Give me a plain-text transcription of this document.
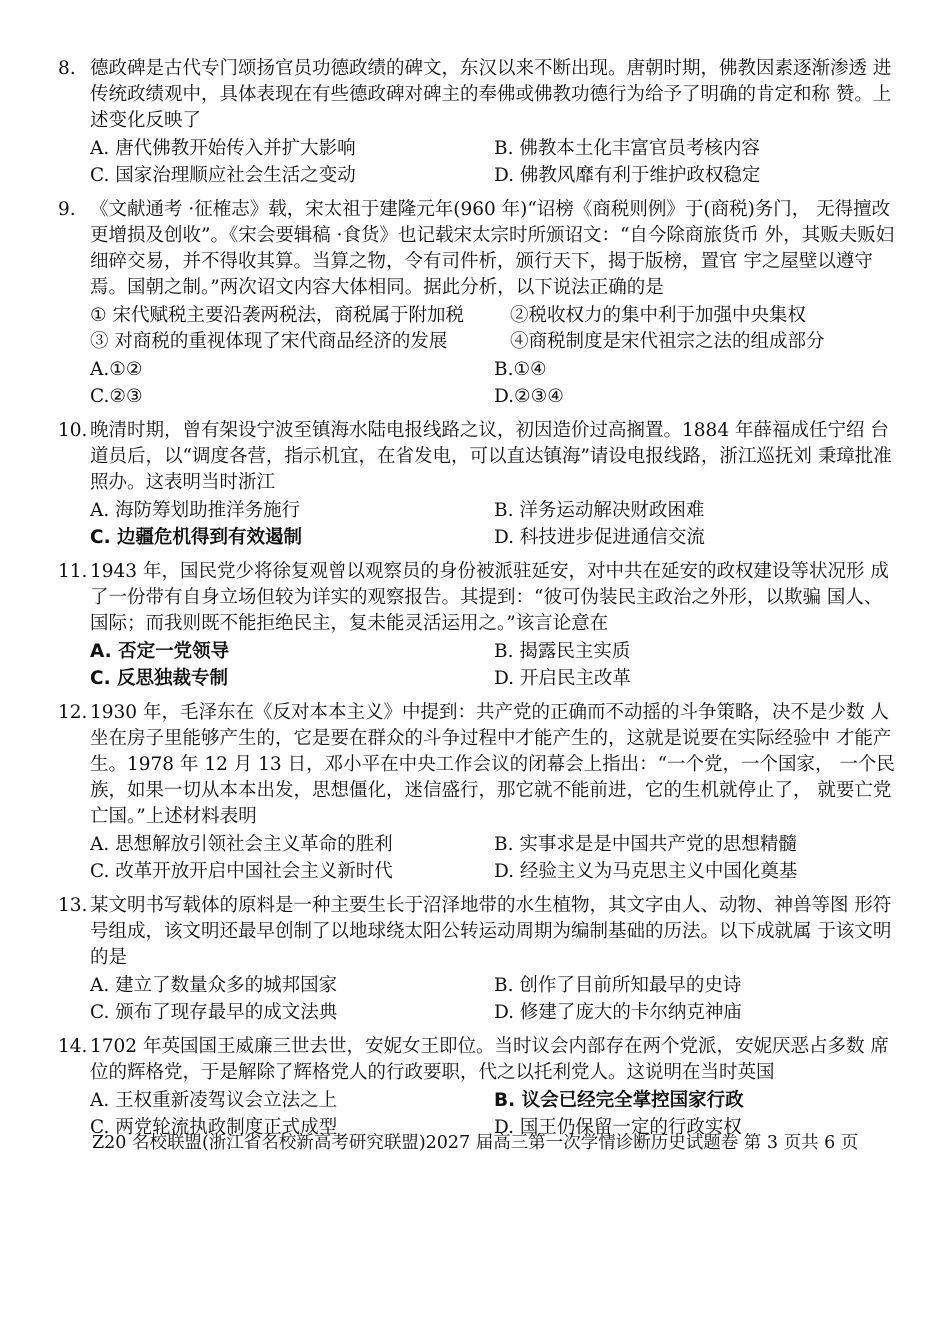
8. 德政碑是古代专门颂扬官员功德政绩的碑文，东汉以来不断出现。唐朝时期，佛教因素逐渐渗透 进传统政绩观中，具体表现在有些德政碑对碑主的奉佛或佛教功德行为给予了明确的肯定和称 赞。上述变化反映了
A. 唐代佛教开始传入并扩大影响	B. 佛教本土化丰富官员考核内容
C. 国家治理顺应社会生活之变动	D. 佛教风靡有利于维护政权稳定
9. 《文献通考 ·征榷志》载，宋太祖于建隆元年(960 年)“诏榜《商税则例》于(商税)务门， 无得擅改更增损及创收”。《宋会要辑稿 ·食货》也记载宋太宗时所颁诏文：“自今除商旅货币 外，其贩夫贩妇细碎交易，并不得收其算。当算之物，令有司件析，颁行天下，揭于版榜，置官 宇之屋壁以遵守焉。国朝之制。”两次诏文内容大体相同。据此分析，以下说法正确的是
① 宋代赋税主要沿袭两税法，商税属于附加税	②税收权力的集中利于加强中央集权
③ 对商税的重视体现了宋代商品经济的发展	④商税制度是宋代祖宗之法的组成部分
A.①②	B.①④
C.②③	D.②③④
10. 晚清时期，曾有架设宁波至镇海水陆电报线路之议，初因造价过高搁置。1884 年薛福成任宁绍 台道员后，以“调度各营，指示机宜，在省发电，可以直达镇海”请设电报线路，浙江巡抚刘 秉璋批准照办。这表明当时浙江
A. 海防筹划助推洋务施行	B. 洋务运动解决财政困难
C. 边疆危机得到有效遏制	D. 科技进步促进通信交流
11. 1943 年，国民党少将徐复观曾以观察员的身份被派驻延安，对中共在延安的政权建设等状况形 成了一份带有自身立场但较为详实的观察报告。其提到：“彼可伪装民主政治之外形，以欺骗 国人、国际；而我则既不能拒绝民主，复未能灵活运用之。”该言论意在
A. 否定一党领导	B. 揭露民主实质
C. 反思独裁专制	D. 开启民主改革
12. 1930 年，毛泽东在《反对本本主义》中提到：共产党的正确而不动摇的斗争策略，决不是少数 人坐在房子里能够产生的，它是要在群众的斗争过程中才能产生的，这就是说要在实际经验中 才能产生。1978 年 12 月 13 日，邓小平在中央工作会议的闭幕会上指出：“一个党，一个国家， 一个民族，如果一切从本本出发，思想僵化，迷信盛行，那它就不能前进，它的生机就停止了， 就要亡党亡国。”上述材料表明
A. 思想解放引领社会主义革命的胜利	B. 实事求是是中国共产党的思想精髓
C. 改革开放开启中国社会主义新时代	D. 经验主义为马克思主义中国化奠基
13. 某文明书写载体的原料是一种主要生长于沼泽地带的水生植物，其文字由人、动物、神兽等图 形符号组成，该文明还最早创制了以地球绕太阳公转运动周期为编制基础的历法。以下成就属 于该文明的是
A. 建立了数量众多的城邦国家	B. 创作了目前所知最早的史诗
C. 颁布了现存最早的成文法典	D. 修建了庞大的卡尔纳克神庙
14. 1702 年英国国王威廉三世去世，安妮女王即位。当时议会内部存在两个党派，安妮厌恶占多数 席位的辉格党，于是解除了辉格党人的行政要职，代之以托利党人。这说明在当时英国
A. 王权重新凌驾议会立法之上	B. 议会已经完全掌控国家行政
C. 两党轮流执政制度正式成型	D. 国王仍保留一定的行政实权
Z20 名校联盟(浙江省名校新高考研究联盟)2027 届高三第一次学情诊断历史试题卷 第 3 页共 6 页
